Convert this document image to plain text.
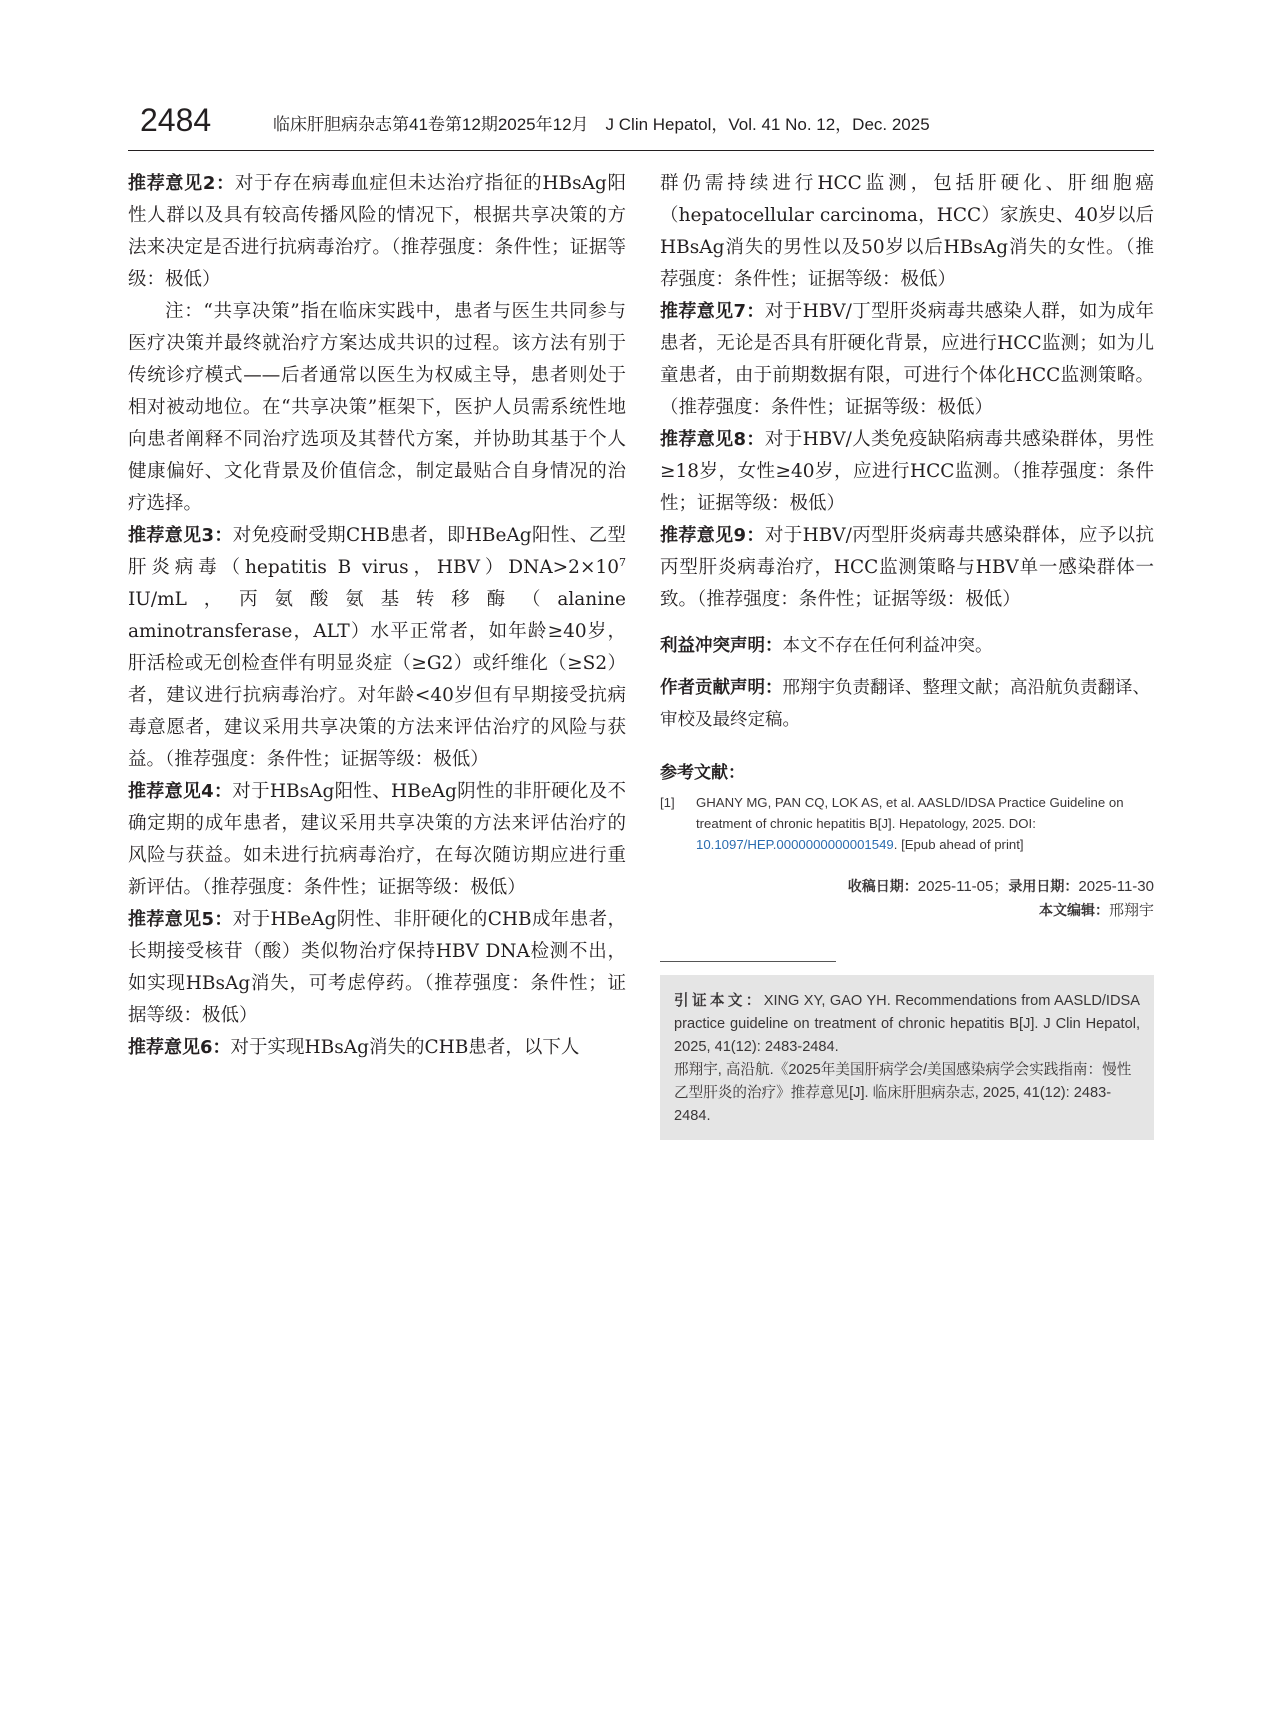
2484	临床肝胆病杂志第41卷第12期2025年12月　J Clin Hepatol，Vol. 41 No. 12，Dec. 2025

推荐意见2：对于存在病毒血症但未达治疗指征的HBsAg阳性人群以及具有较高传播风险的情况下，根据共享决策的方法来决定是否进行抗病毒治疗。（推荐强度：条件性；证据等级：极低）

注：“共享决策”指在临床实践中，患者与医生共同参与医疗决策并最终就治疗方案达成共识的过程。该方法有别于传统诊疗模式——后者通常以医生为权威主导，患者则处于相对被动地位。在“共享决策”框架下，医护人员需系统性地向患者阐释不同治疗选项及其替代方案，并协助其基于个人健康偏好、文化背景及价值信念，制定最贴合自身情况的治疗选择。

推荐意见3：对免疫耐受期CHB患者，即HBeAg阳性、乙型肝炎病毒（hepatitis B virus，$HBV)DNA>2\times 10^7$ IU/mL，丙氨酸氨基转移酶（alanine aminotransferase，ALT）水平正常者，如年龄≥40岁，肝活检或无创检查伴有明显炎症（≥G2）或纤维化（≥S2）者，建议进行抗病毒治疗。对年龄<40岁但有早期接受抗病毒意愿者，建议采用共享决策的方法来评估治疗的风险与获益。（推荐强度：条件性；证据等级：极低）

推荐意见4：对于HBsAg阳性、HBeAg阴性的非肝硬化及不确定期的成年患者，建议采用共享决策的方法来评估治疗的风险与获益。如未进行抗病毒治疗，在每次随访期应进行重新评估。（推荐强度：条件性；证据等级：极低）

推荐意见5：对于HBeAg阴性、非肝硬化的CHB成年患者，长期接受核苷（酸）类似物治疗保持HBV DNA检测不出，如实现HBsAg消失，可考虑停药。（推荐强度：条件性；证据等级：极低）

推荐意见6：对于实现HBsAg消失的CHB患者，以下人

群仍需持续进行HCC监测，包括肝硬化、肝细胞癌（hepatocellular carcinoma，HCC）家族史、40岁以后HBsAg消失的男性以及50岁以后HBsAg消失的女性。（推荐强度：条件性；证据等级：极低）

推荐意见7：对于HBV/丁型肝炎病毒共感染人群，如为成年患者，无论是否具有肝硬化背景，应进行HCC监测；如为儿童患者，由于前期数据有限，可进行个体化HCC监测策略。（推荐强度：条件性；证据等级：极低）

推荐意见8：对于HBV/人类免疫缺陷病毒共感染群体，男性≥18岁，女性≥40岁，应进行HCC监测。（推荐强度：条件性；证据等级：极低）

推荐意见9：对于HBV/丙型肝炎病毒共感染群体，应予以抗丙型肝炎病毒治疗，HCC监测策略与HBV单一感染群体一致。（推荐强度：条件性；证据等级：极低）

利益冲突声明：本文不存在任何利益冲突。

作者贡献声明：邢翔宇负责翻译、整理文献；高沿航负责翻译、审校及最终定稿。

参考文献：

[1]	GHANY MG, PAN CQ, LOK AS, et al. AASLD/IDSA Practice Guideline on treatment of chronic hepatitis B[J]. Hepatology, 2025. DOI: 10.1097/HEP.0000000000001549. [Epub ahead of print]
收稿日期：2025-11-05；录用日期：2025-11-30
本文编辑：邢翔宇
引证本文：XING XY, GAO YH. Recommendations from AASLD/IDSA practice guideline on treatment of chronic hepatitis B[J]. J Clin Hepatol, 2025, 41(12): 2483-2484.
邢翔宇, 高沿航.《2025年美国肝病学会/美国感染病学会实践指南：慢性乙型肝炎的治疗》推荐意见[J]. 临床肝胆病杂志, 2025, 41(12): 2483-2484.
